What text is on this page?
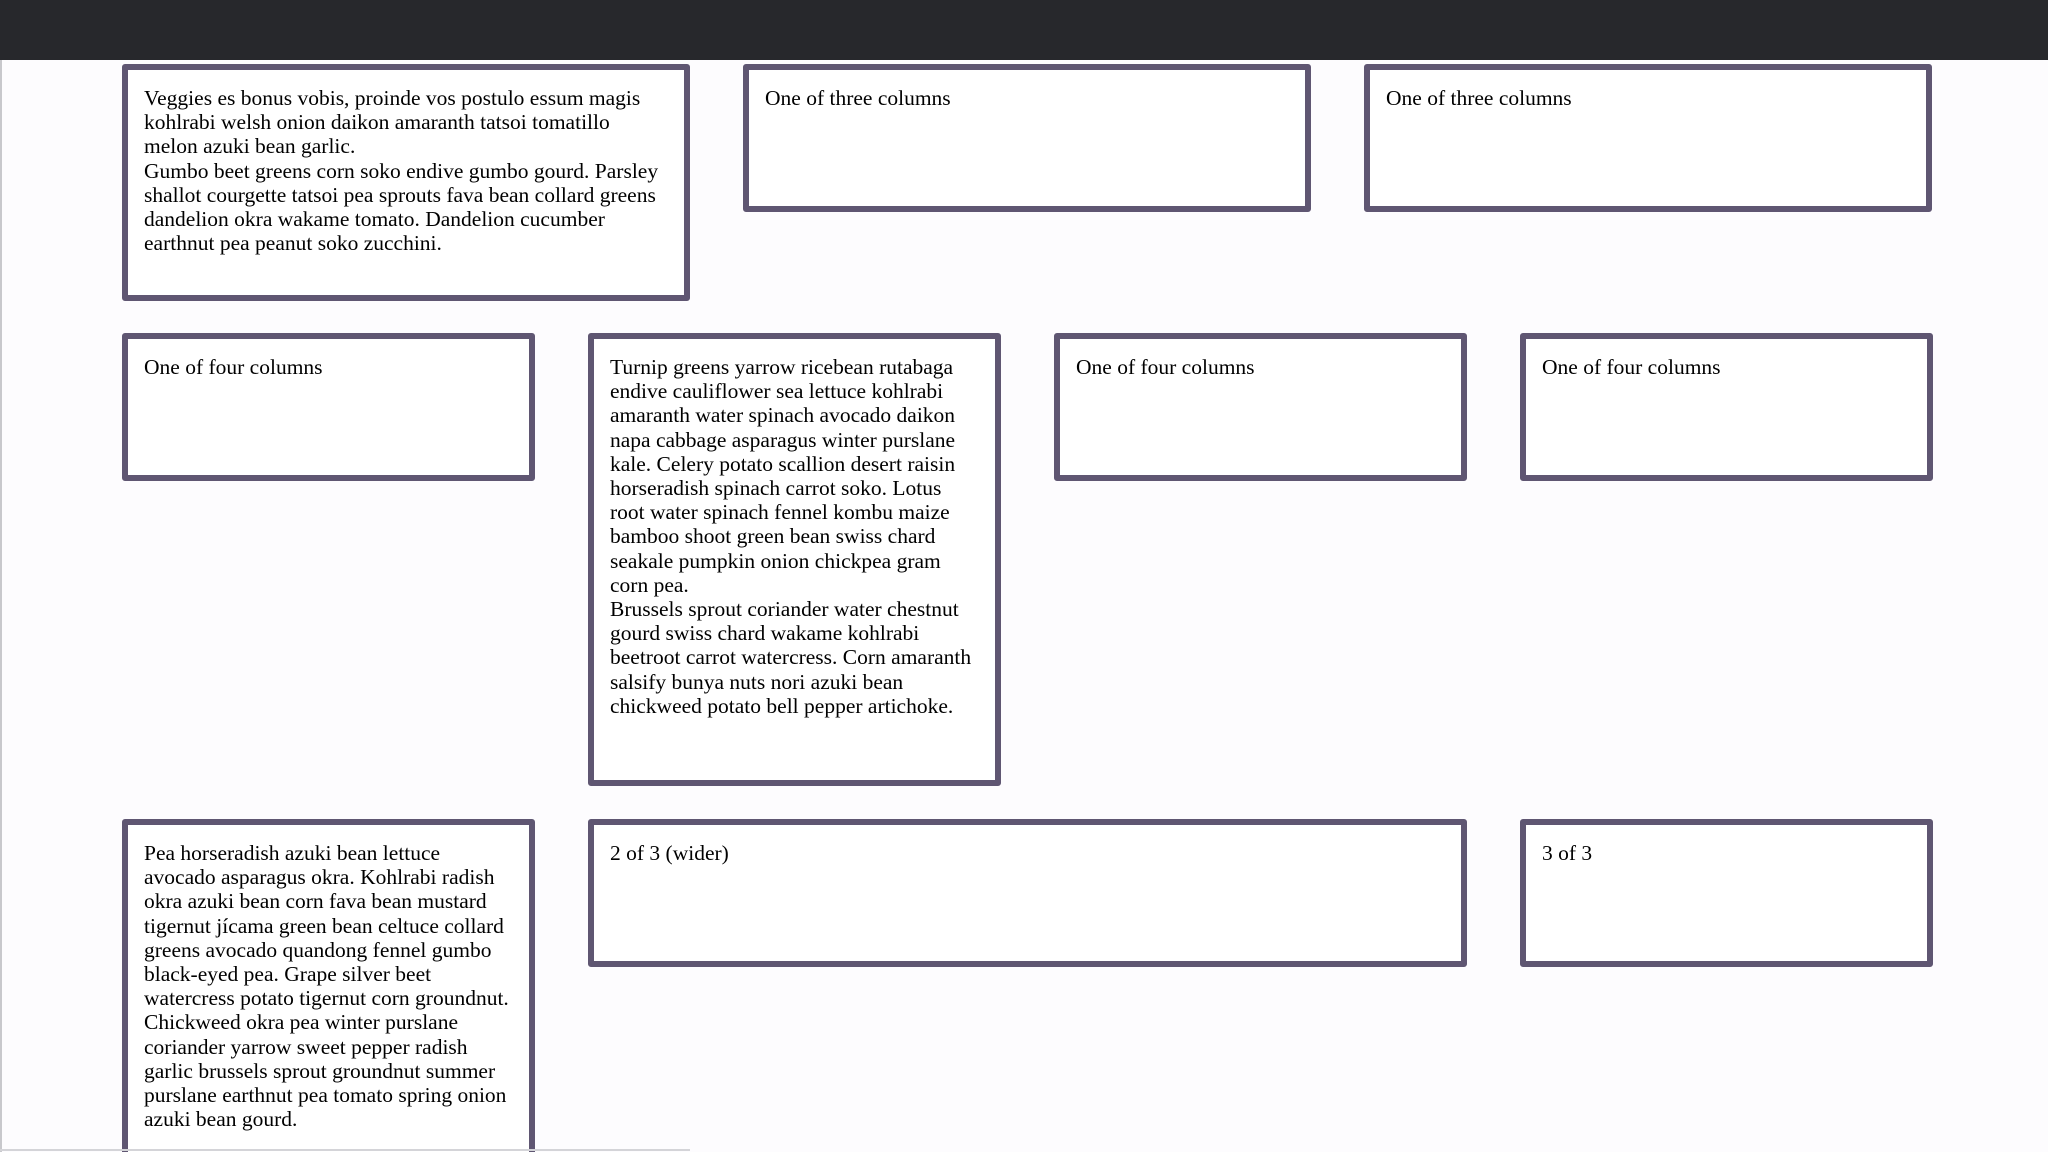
Veggies es bonus vobis, proinde vos postulo essum magis kohlrabi welsh onion daikon amaranth tatsoi tomatillo melon azuki bean garlic.

Gumbo beet greens corn soko endive gumbo gourd. Parsley shallot courgette tatsoi pea sprouts fava bean collard greens dandelion okra wakame tomato. Dandelion cucumber earthnut pea peanut soko zucchini.

One of three columns	One of three columns

One of four columns	Turnip greens yarrow ricebean rutabaga endive cauliflower sea lettuce kohlrabi amaranth water spinach avocado daikon napa cabbage asparagus winter purslane kale. Celery potato scallion desert raisin horseradish spinach carrot soko. Lotus root water spinach fennel kombu maize bamboo shoot green bean swiss chard seakale pumpkin onion chickpea gram corn pea.

Brussels sprout coriander water chestnut gourd swiss chard wakame kohlrabi beetroot carrot watercress. Corn amaranth salsify bunya nuts nori azuki bean chickweed potato bell pepper artichoke.

One of four columns	One of four columns

Pea horseradish azuki bean lettuce avocado asparagus okra. Kohlrabi radish okra azuki bean corn fava bean mustard tigernut jícama green bean celtuce collard greens avocado quandong fennel gumbo black-eyed pea. Grape silver beet watercress potato tigernut corn groundnut.

Chickweed okra pea winter purslane coriander yarrow sweet pepper radish garlic brussels sprout groundnut summer purslane earthnut pea tomato spring onion azuki bean gourd.

2 of 3 (wider)	3 of 3
